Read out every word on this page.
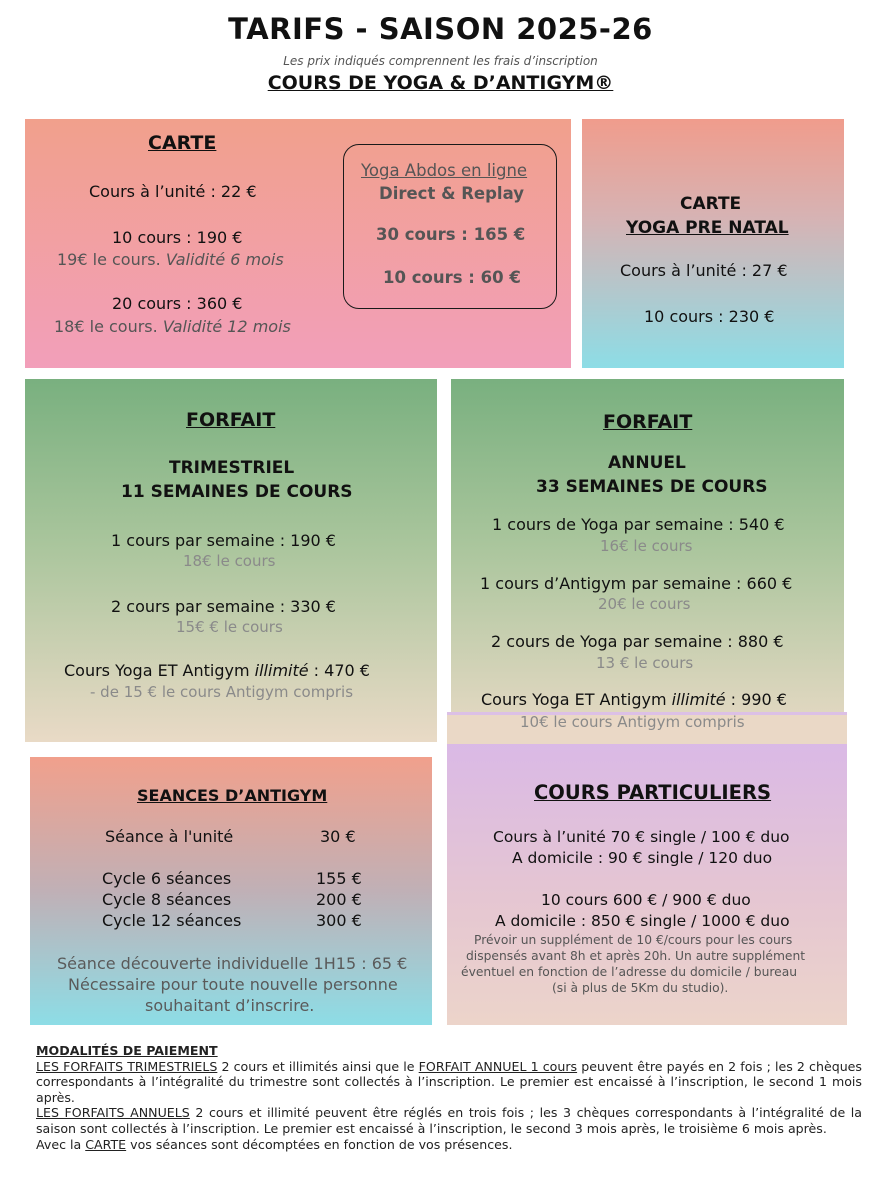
TARIFS - SAISON 2025-26
Les prix indiqués comprennent les frais d’inscription
COURS DE YOGA & D’ANTIGYM®
CARTE
Cours à l’unité : 22 €
10 cours : 190 €
19€ le cours. Validité 6 mois
20 cours : 360 €
18€ le cours. Validité 12 mois
Yoga Abdos en ligne
Direct & Replay
30 cours : 165 €
10 cours : 60 €
CARTE
YOGA PRE NATAL
Cours à l’unité : 27 €
10 cours : 230 €
FORFAIT
TRIMESTRIEL
11 SEMAINES DE COURS
1 cours par semaine : 190 €
18€ le cours
2 cours par semaine : 330 €
15€ € le cours
Cours Yoga ET Antigym illimité : 470 €
- de 15 € le cours Antigym compris
FORFAIT
ANNUEL
33 SEMAINES DE COURS
1 cours de Yoga par semaine : 540 €
16€ le cours
1 cours d’Antigym par semaine : 660 €
20€ le cours
2 cours de Yoga par semaine : 880 €
13 € le cours
Cours Yoga ET Antigym illimité : 990 €
10€ le cours Antigym compris
SEANCES D’ANTIGYM
Séance à l'unité	30 €
Cycle 6 séances	155 €
Cycle 8 séances	200 €
Cycle 12 séances	300 €
Séance découverte individuelle 1H15 : 65 €
Nécessaire pour toute nouvelle personne
souhaitant d’inscrire.
COURS PARTICULIERS
Cours à l’unité 70 € single / 100 € duo
A domicile : 90 € single / 120 duo
10 cours 600 € / 900 € duo
A domicile : 850 € single / 1000 € duo
Prévoir un supplément de 10 €/cours pour les cours
dispensés avant 8h et après 20h. Un autre supplément
éventuel en fonction de l’adresse du domicile / bureau
(si à plus de 5Km du studio).

MODALITÉS DE PAIEMENT

LES FORFAITS TRIMESTRIELS 2 cours et illimités ainsi que le FORFAIT ANNUEL 1 cours peuvent être payés en 2 fois ; les 2 chèques correspondants à l’intégralité du trimestre sont collectés à l’inscription. Le premier est encaissé à l’inscription, le second 1 mois après.

LES FORFAITS ANNUELS 2 cours et illimité peuvent être réglés en trois fois ; les 3 chèques correspondants à l’intégralité de la saison sont collectés à l’inscription. Le premier est encaissé à l’inscription, le second 3 mois après, le troisième 6 mois après.

Avec la CARTE vos séances sont décomptées en fonction de vos présences.
